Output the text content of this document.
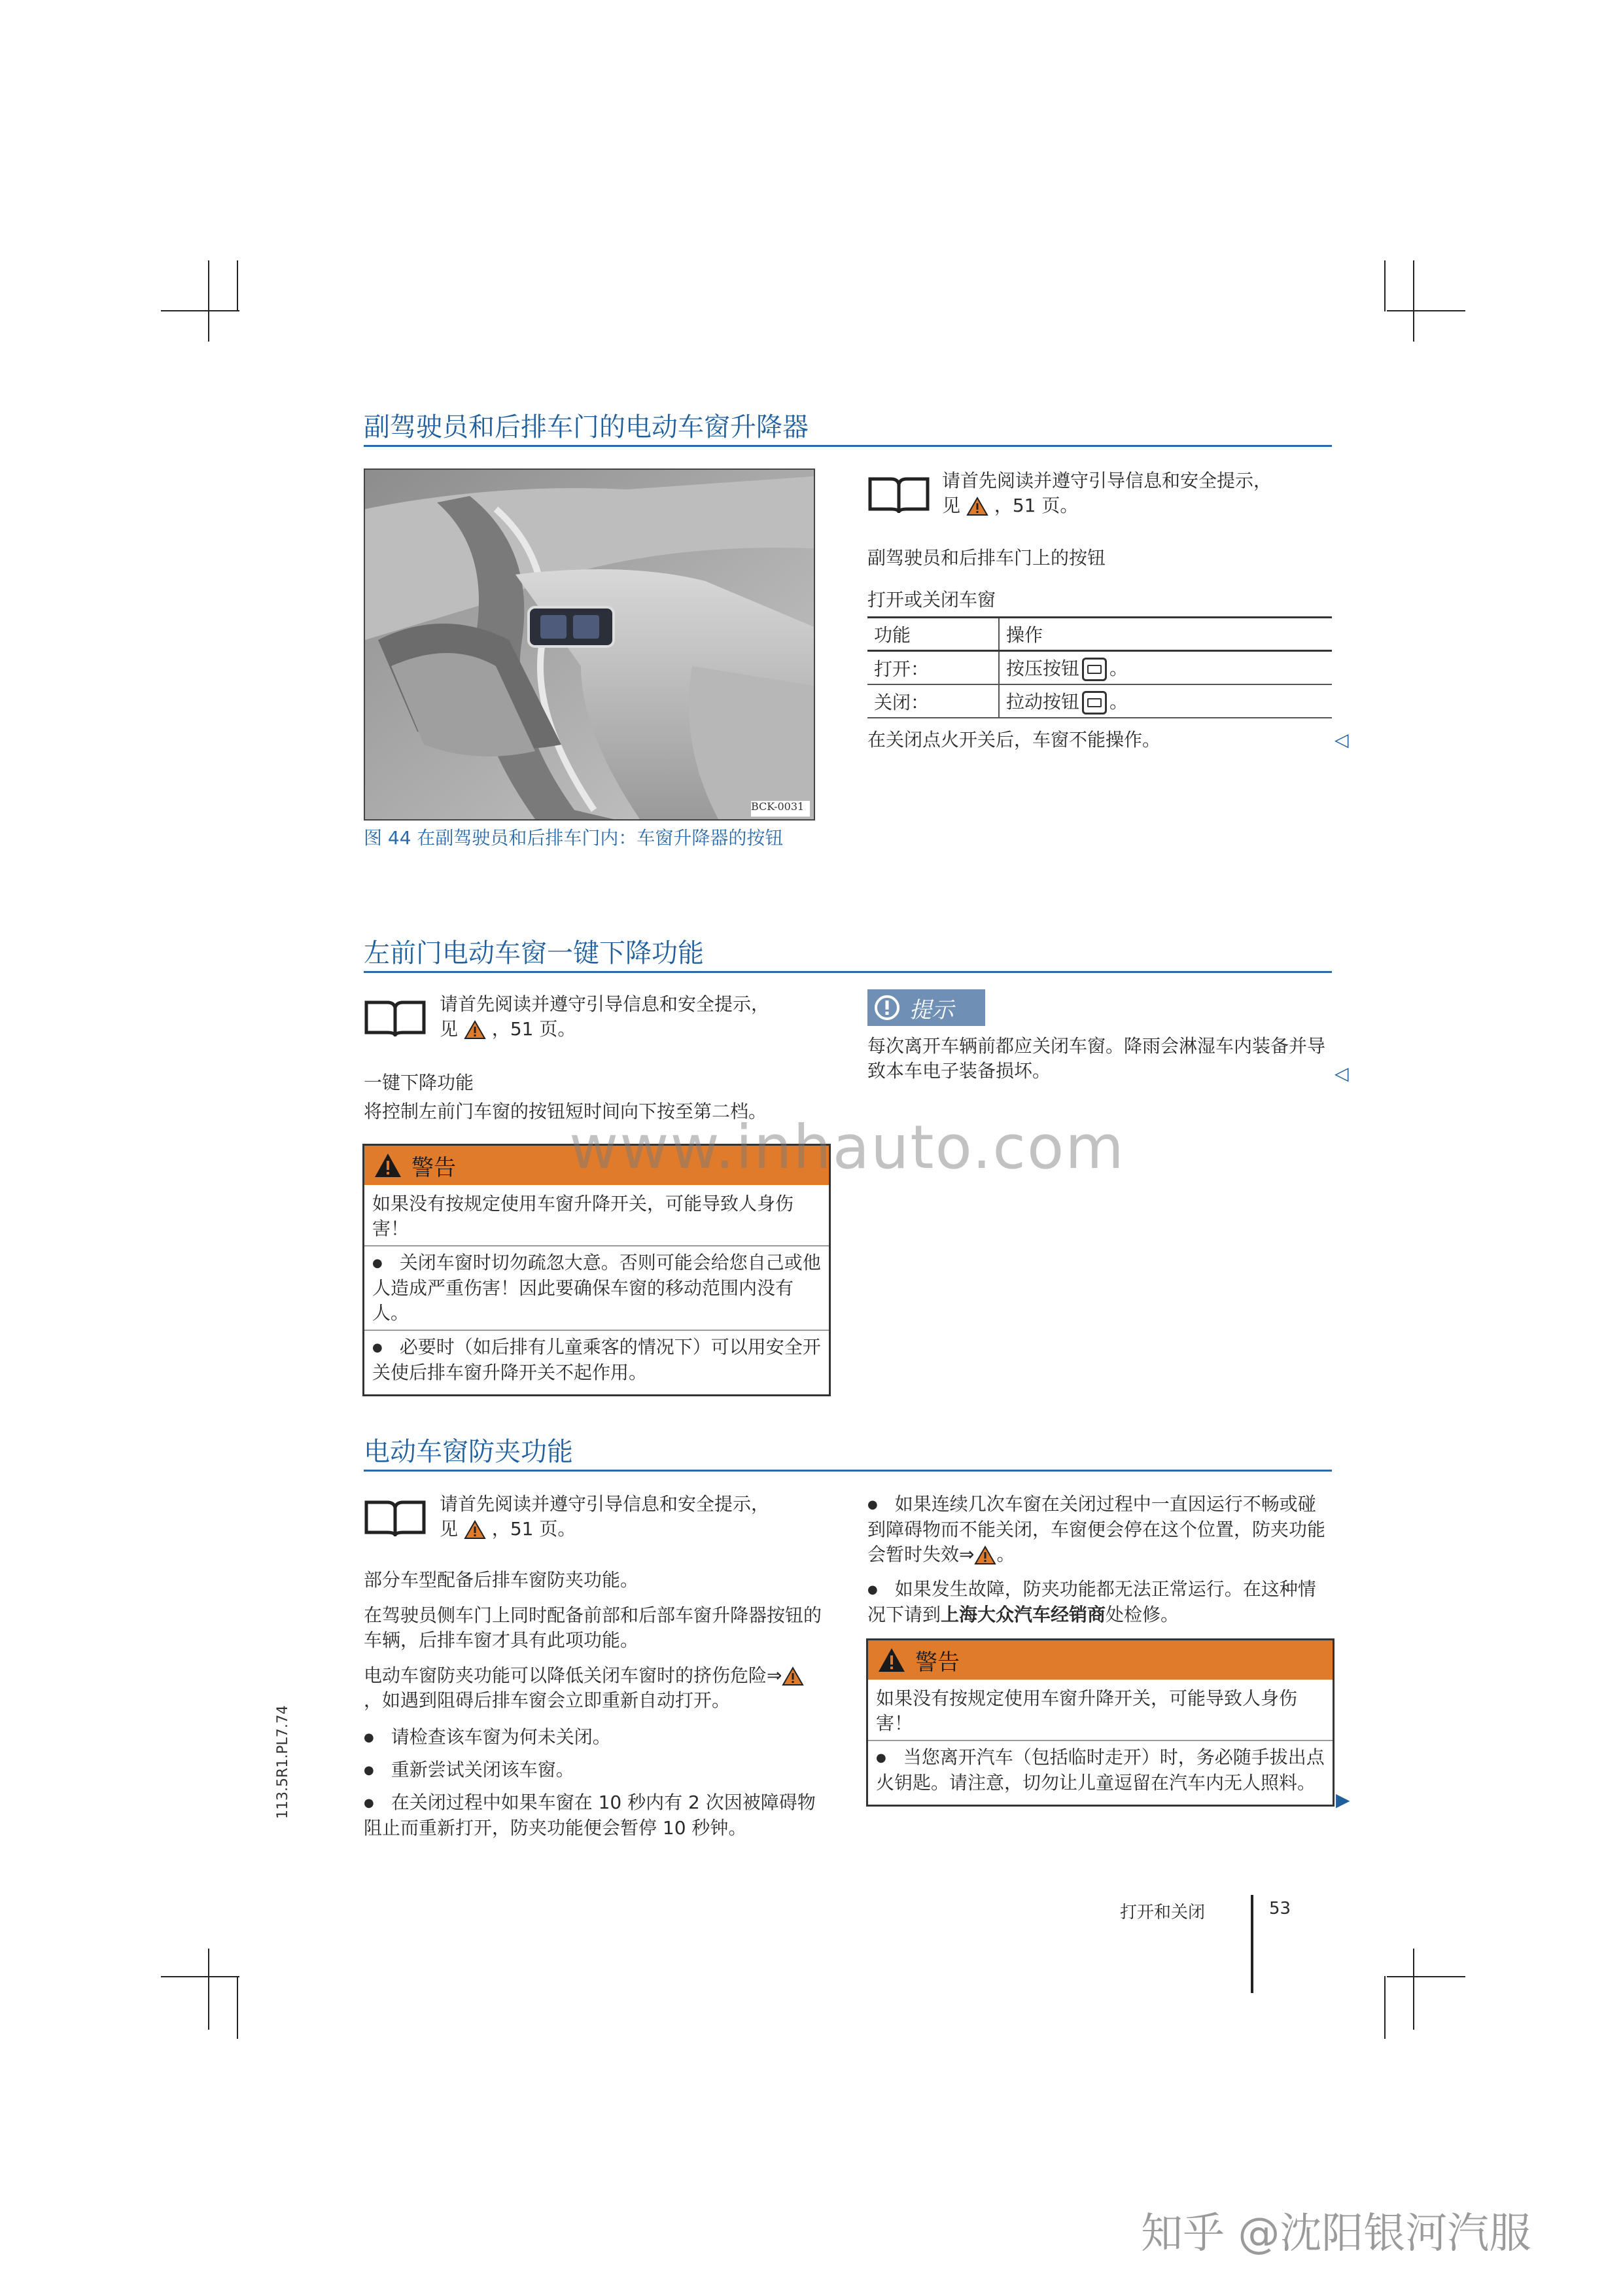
副驾驶员和后排车门的电动车窗升降器
BCK-0031
图 44 在副驾驶员和后排车门内：车窗升降器的按钮
请首先阅读并遵守引导信息和安全提示，
见 ，51 页。
副驾驶员和后排车门上的按钮
打开或关闭车窗
功能	操作
打开：	按压按钮 。
关闭：	拉动按钮 。
在关闭点火开关后，车窗不能操作。	◁
左前门电动车窗一键下降功能
请首先阅读并遵守引导信息和安全提示，
见 ，51 页。
一键下降功能
将控制左前门车窗的按钮短时间向下按至第二档。
警告

如果没有按规定使用车窗升降开关，可能导致人身伤害！

● 关闭车窗时切勿疏忽大意。否则可能会给您自己或他人造成严重伤害！因此要确保车窗的移动范围内没有人。

● 必要时（如后排有儿童乘客的情况下）可以用安全开关使后排车窗升降开关不起作用。

提示
每次离开车辆前都应关闭车窗。降雨会淋湿车内装备并导致本车电子装备损坏。	◁
www.inhauto.com
电动车窗防夹功能
请首先阅读并遵守引导信息和安全提示，
见 ，51 页。
部分车型配备后排车窗防夹功能。
在驾驶员侧车门上同时配备前部和后部车窗升降器按钮的车辆，后排车窗才具有此项功能。
电动车窗防夹功能可以降低关闭车窗时的挤伤危险⇒，如遇到阻碍后排车窗会立即重新自动打开。
● 请检查该车窗为何未关闭。
● 重新尝试关闭该车窗。
● 在关闭过程中如果车窗在 10 秒内有 2 次因被障碍物阻止而重新打开，防夹功能便会暂停 10 秒钟。
● 如果连续几次车窗在关闭过程中一直因运行不畅或碰到障碍物而不能关闭，车窗便会停在这个位置，防夹功能会暂时失效⇒ 。
● 如果发生故障，防夹功能都无法正常运行。在这种情况下请到上海大众汽车经销商处检修。
警告

如果没有按规定使用车窗升降开关，可能导致人身伤害！

● 当您离开汽车（包括临时走开）时，务必随手拔出点火钥匙。请注意，切勿让儿童逗留在汽车内无人照料。

▶
113.5R1.PL7.74
打开和关闭	53
知乎 @沈阳银河汽服
